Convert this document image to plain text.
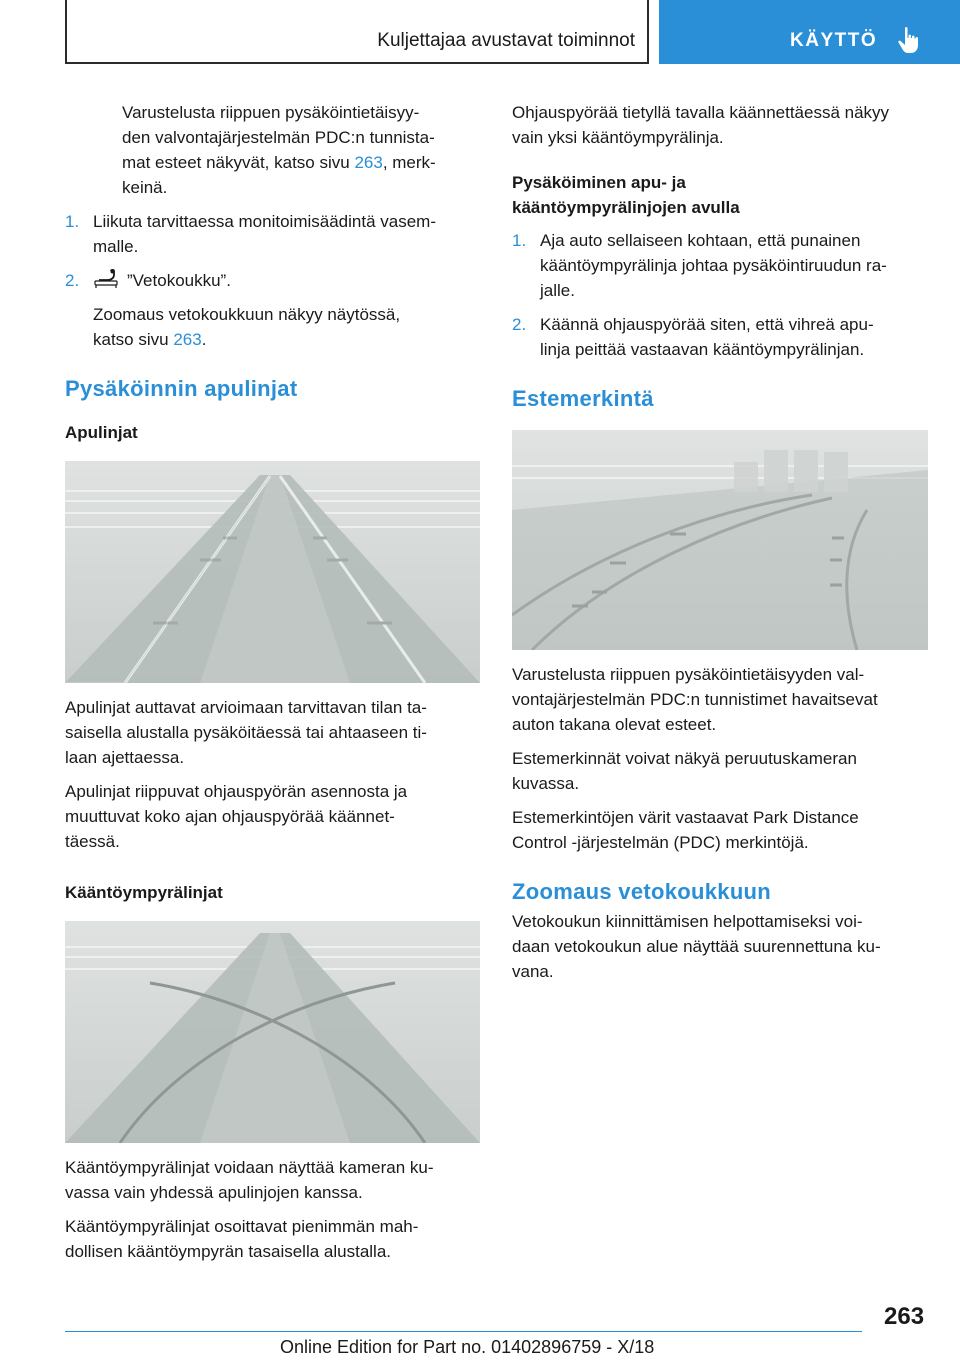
Kuljettajaa avustavat toiminnot	KÄYTTÖ

Varustelusta riippuen pysäköintietäisyy-
den valvontajärjestelmän PDC:n tunnista-
mat esteet näkyvät, katso sivu 263, merk-
keinä.

1. Liikuta tarvittaessa monitoimisäädintä vasem-
malle.
2.	”Vetokoukku”.

Zoomaus vetokoukkuun näkyy näytössä,
katso sivu 263.

Pysäköinnin apulinjat
Apulinjat

Apulinjat auttavat arvioimaan tarvittavan tilan ta-
saisella alustalla pysäköitäessä tai ahtaaseen ti-
laan ajettaessa.

Apulinjat riippuvat ohjauspyörän asennosta ja
muuttuvat koko ajan ohjauspyörää käännet-
täessä.

Kääntöympyrälinjat

Kääntöympyrälinjat voidaan näyttää kameran ku-
vassa vain yhdessä apulinjojen kanssa.

Kääntöympyrälinjat osoittavat pienimmän mah-
dollisen kääntöympyrän tasaisella alustalla.

Ohjauspyörää tietyllä tavalla käännettäessä näkyy
vain yksi kääntöympyrälinja.

Pysäköiminen apu- ja
kääntöympyrälinjojen avulla
1. Aja auto sellaiseen kohtaan, että punainen
kääntöympyrälinja johtaa pysäköintiruudun ra-
jalle.
2. Käännä ohjauspyörää siten, että vihreä apu-
linja peittää vastaavan kääntöympyrälinjan.
Estemerkintä

Varustelusta riippuen pysäköintietäisyyden val-
vontajärjestelmän PDC:n tunnistimet havaitsevat
auton takana olevat esteet.

Estemerkinnät voivat näkyä peruutuskameran
kuvassa.

Estemerkintöjen värit vastaavat Park Distance
Control -järjestelmän (PDC) merkintöjä.

Zoomaus vetokoukkuun

Vetokoukun kiinnittämisen helpottamiseksi voi-
daan vetokoukun alue näyttää suurennettuna ku-
vana.

263
Online Edition for Part no. 01402896759 - X/18
